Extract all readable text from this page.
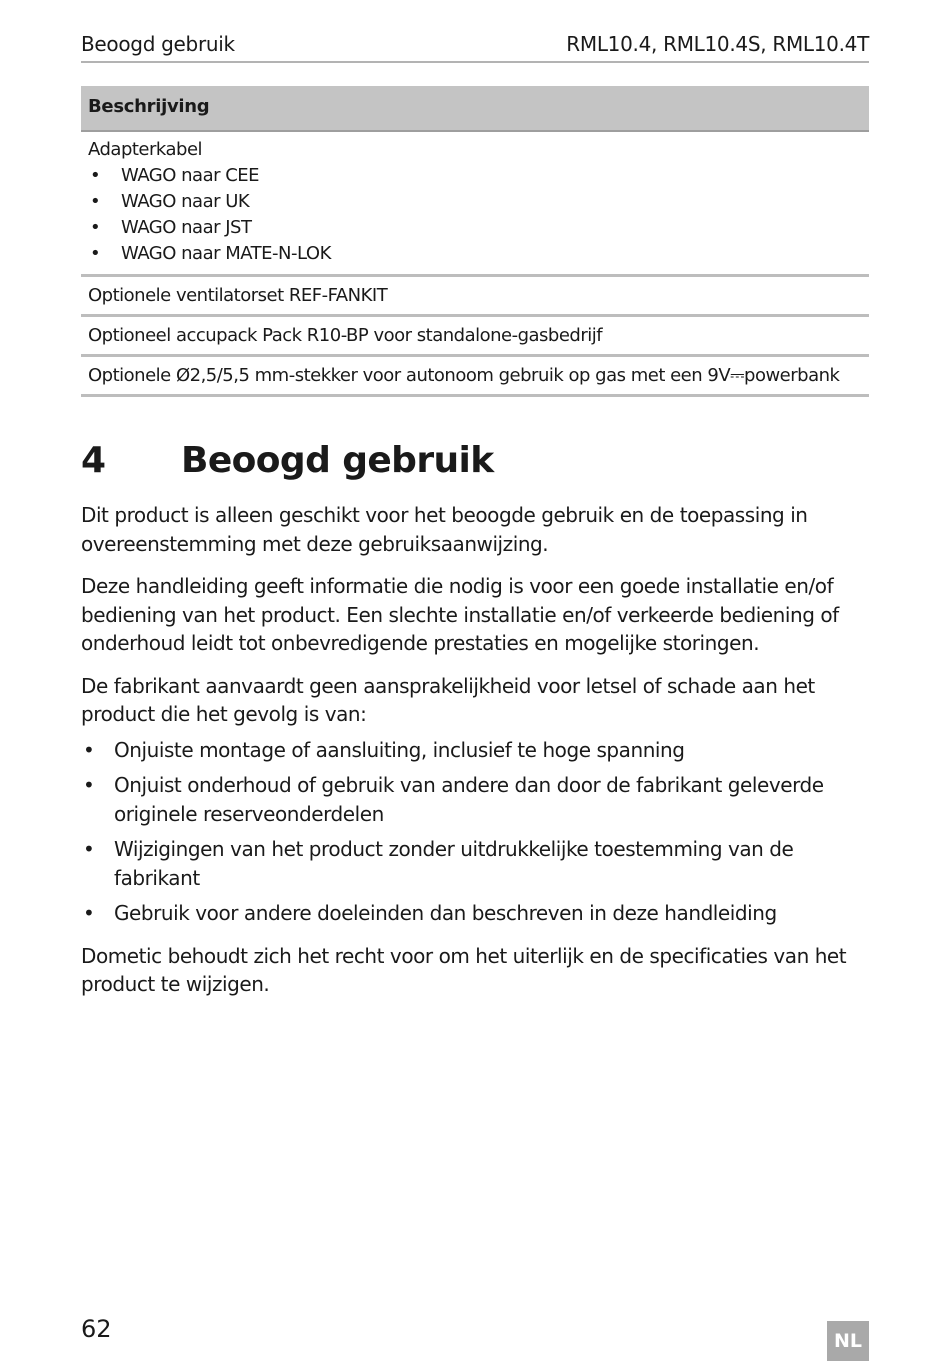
Beoogd gebruik	RML10.4, RML10.4S, RML10.4T
Beschrijving
Adapterkabel
• WAGO naar CEE
• WAGO naar UK
• WAGO naar JST
• WAGO naar MATE-N-LOK
Optionele ventilatorset REF-FANKIT
Optioneel accupack Pack R10-BP voor standalone-gasbedrijf
Optionele Ø2,5/5,5 mm-stekker voor autonoom gebruik op gas met een 9V⎓powerbank
4 Beoogd gebruik

Dit product is alleen geschikt voor het beoogde gebruik en de toepassing in overeenstemming met deze gebruiksaanwijzing.

Deze handleiding geeft informatie die nodig is voor een goede installatie en/of bediening van het product. Een slechte installatie en/of verkeerde bediening of onderhoud leidt tot onbevredigende prestaties en mogelijke storingen.

De fabrikant aanvaardt geen aansprakelijkheid voor letsel of schade aan het product die het gevolg is van:

• Onjuiste montage of aansluiting, inclusief te hoge spanning
• Onjuist onderhoud of gebruik van andere dan door de fabrikant geleverde originele reserveonderdelen
• Wijzigingen van het product zonder uitdrukkelijke toestemming van de fabrikant
• Gebruik voor andere doeleinden dan beschreven in deze handleiding

Dometic behoudt zich het recht voor om het uiterlijk en de specificaties van het product te wijzigen.

62	NL
